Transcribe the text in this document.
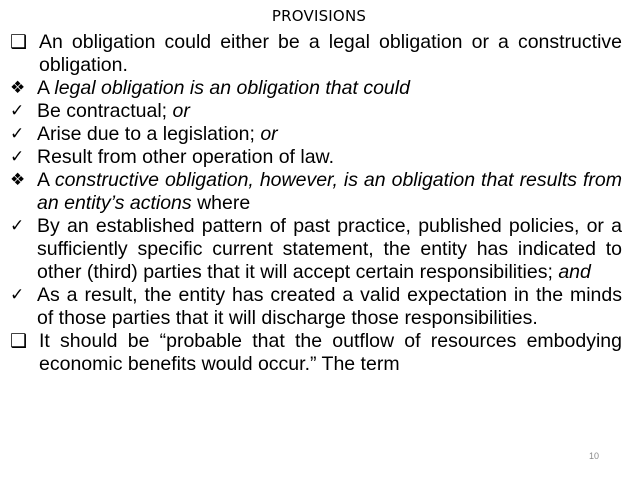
PROVISIONS
❑ An obligation could either be a legal obligation or a constructive obligation.
❖ A legal obligation is an obligation that could
✓ Be contractual; or
✓ Arise due to a legislation; or
✓ Result from other operation of law.
❖ A constructive obligation, however, is an obligation that results from an entity’s actions where
✓ By an established pattern of past practice, published policies, or a sufficiently specific current statement, the entity has indicated to other (third) parties that it will accept certain responsibilities; and
✓ As a result, the entity has created a valid expectation in the minds of those parties that it will discharge those responsibilities.
❑ It should be “probable that the outflow of resources embodying economic benefits would occur.” The term
10
